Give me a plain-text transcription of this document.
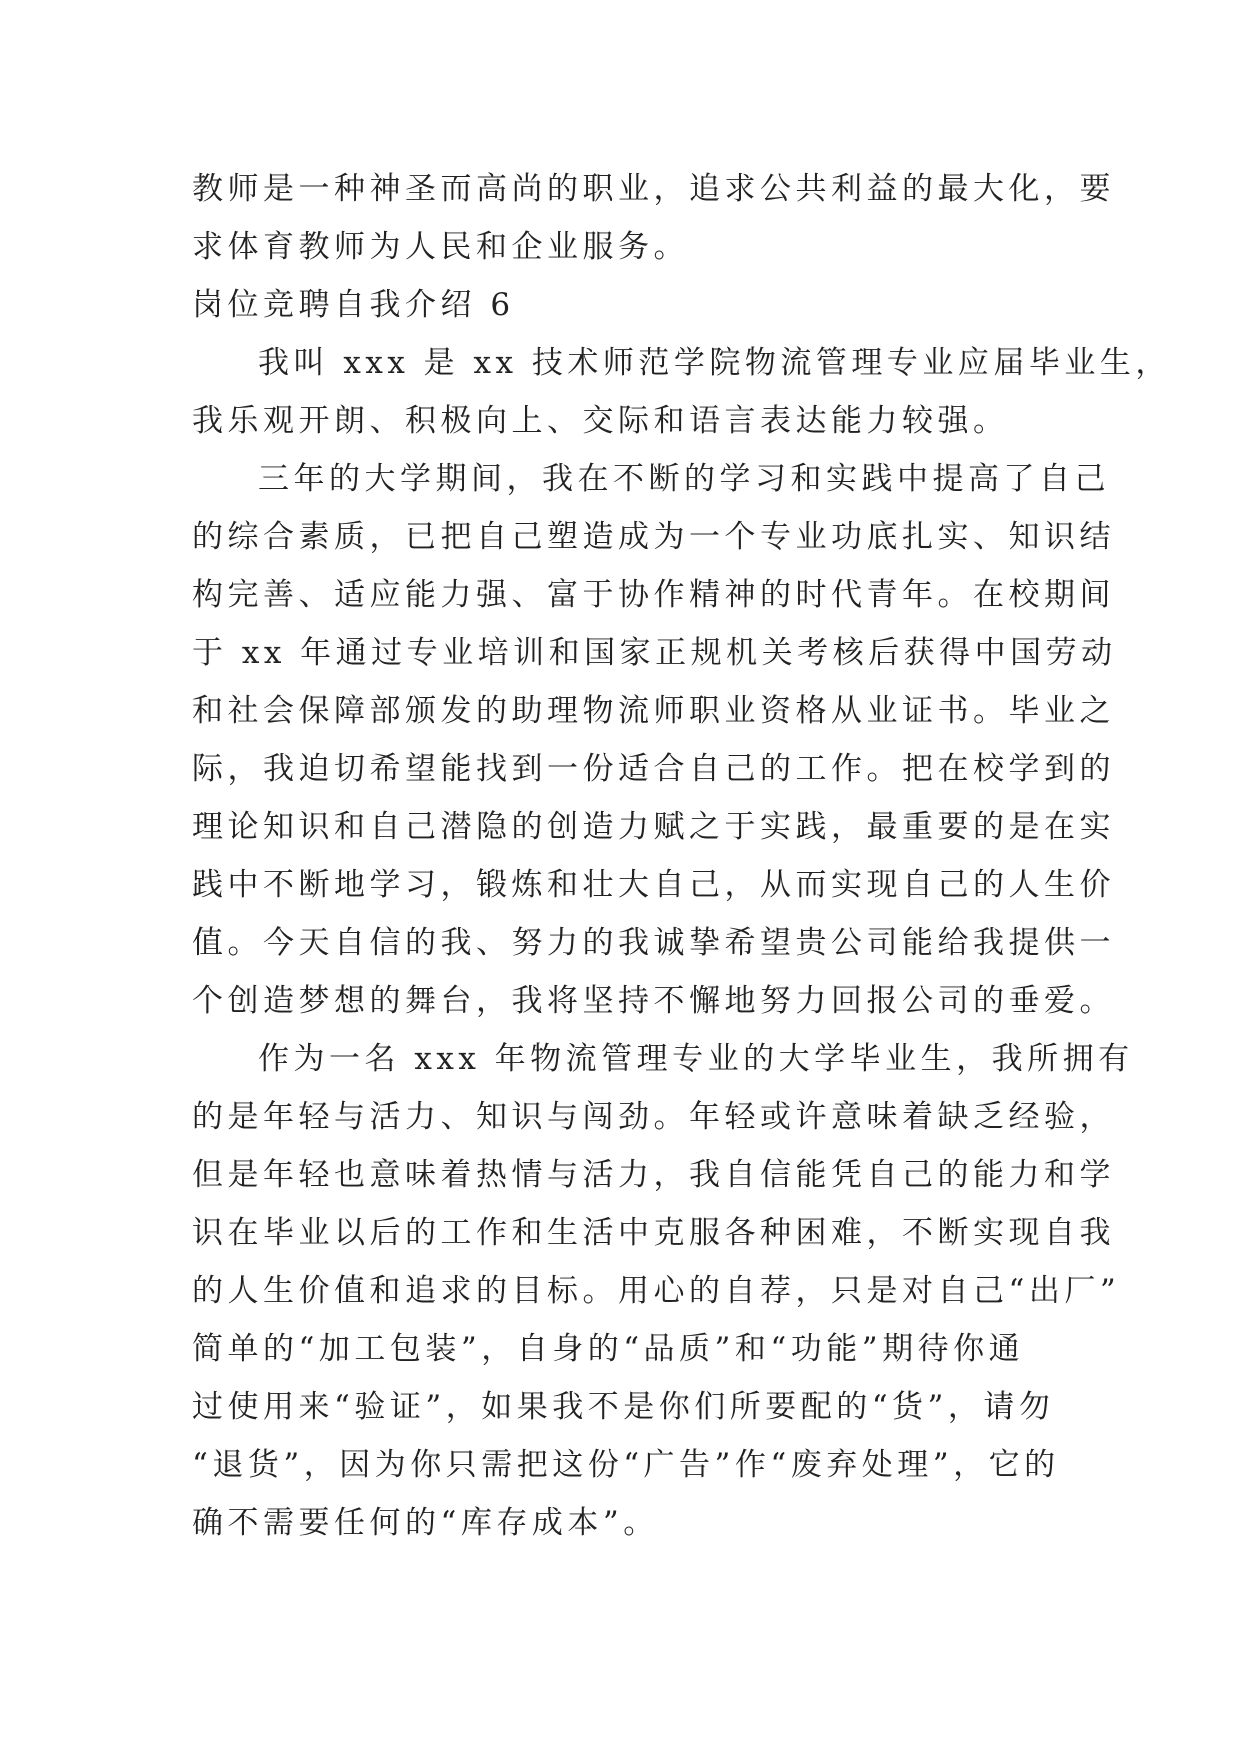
教师是一种神圣而高尚的职业，追求公共利益的最大化，要
求体育教师为人民和企业服务。
岗位竞聘自我介绍 6
我叫 xxx 是 xx 技术师范学院物流管理专业应届毕业生，
我乐观开朗、积极向上、交际和语言表达能力较强。
三年的大学期间，我在不断的学习和实践中提高了自己
的综合素质，已把自己塑造成为一个专业功底扎实、知识结
构完善、适应能力强、富于协作精神的时代青年。在校期间
于 xx 年通过专业培训和国家正规机关考核后获得中国劳动
和社会保障部颁发的助理物流师职业资格从业证书。毕业之
际，我迫切希望能找到一份适合自己的工作。把在校学到的
理论知识和自己潜隐的创造力赋之于实践，最重要的是在实
践中不断地学习，锻炼和壮大自己，从而实现自己的人生价
值。今天自信的我、努力的我诚挚希望贵公司能给我提供一
个创造梦想的舞台，我将坚持不懈地努力回报公司的垂爱。
作为一名 xxx 年物流管理专业的大学毕业生，我所拥有
的是年轻与活力、知识与闯劲。年轻或许意味着缺乏经验，
但是年轻也意味着热情与活力，我自信能凭自己的能力和学
识在毕业以后的工作和生活中克服各种困难，不断实现自我
的人生价值和追求的目标。用心的自荐，只是对自己“出厂”
简单的“加工包装”，自身的“品质”和“功能”期待你通
过使用来“验证”，如果我不是你们所要配的“货”，请勿
“退货”，因为你只需把这份“广告”作“废弃处理”，它的
确不需要任何的“库存成本”。
